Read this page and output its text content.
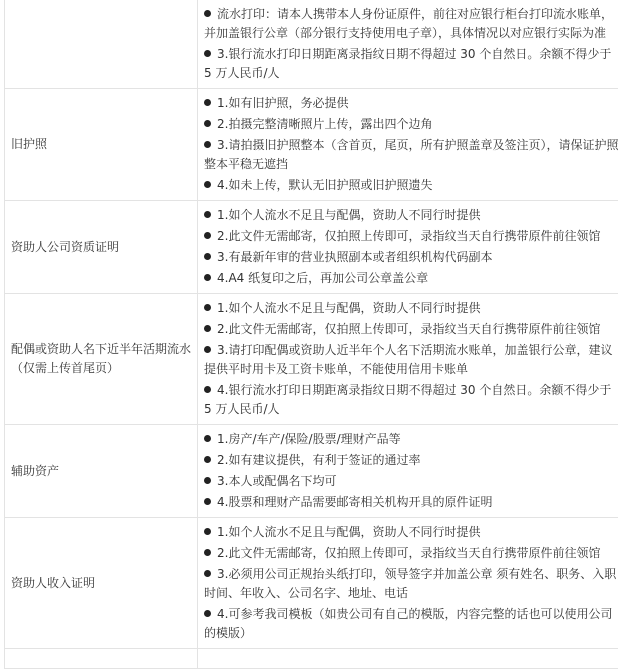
	流水打印：请本人携带本人身份证原件，前往对应银行柜台打印流水账单，并加盖银行公章（部分银行支持使用电子章），具体情况以对应银行实际为准
3.银行流水打印日期距离录指纹日期不得超过 30 个自然日。余额不得少于 5 万人民币/人

旧护照	1.如有旧护照，务必提供
2.拍摄完整清晰照片上传，露出四个边角
3.请拍摄旧护照整本（含首页，尾页，所有护照盖章及签注页），请保证护照整本平稳无遮挡
4.如未上传，默认无旧护照或旧护照遗失

资助人公司资质证明	1.如个人流水不足且与配偶，资助人不同行时提供
2.此文件无需邮寄，仅拍照上传即可，录指纹当天自行携带原件前往领馆
3.有最新年审的营业执照副本或者组织机构代码副本
4.A4 纸复印之后，再加公司公章盖公章

配偶或资助人名下近半年活期流水（仅需上传首尾页）	1.如个人流水不足且与配偶，资助人不同行时提供
2.此文件无需邮寄，仅拍照上传即可，录指纹当天自行携带原件前往领馆
3.请打印配偶或资助人近半年个人名下活期流水账单，加盖银行公章，建议提供平时用卡及工资卡账单，不能使用信用卡账单
4.银行流水打印日期距离录指纹日期不得超过 30 个自然日。余额不得少于 5 万人民币/人

辅助资产	1.房产/车产/保险/股票/理财产品等
2.如有建议提供，有利于签证的通过率
3.本人或配偶名下均可
4.股票和理财产品需要邮寄相关机构开具的原件证明

资助人收入证明	1.如个人流水不足且与配偶，资助人不同行时提供
2.此文件无需邮寄，仅拍照上传即可，录指纹当天自行携带原件前往领馆
3.必须用公司正规抬头纸打印，领导签字并加盖公章 须有姓名、职务、入职时间、年收入、公司名字、地址、电话
4.可参考我司模板（如贵公司有自己的模版，内容完整的话也可以使用公司的模版）
